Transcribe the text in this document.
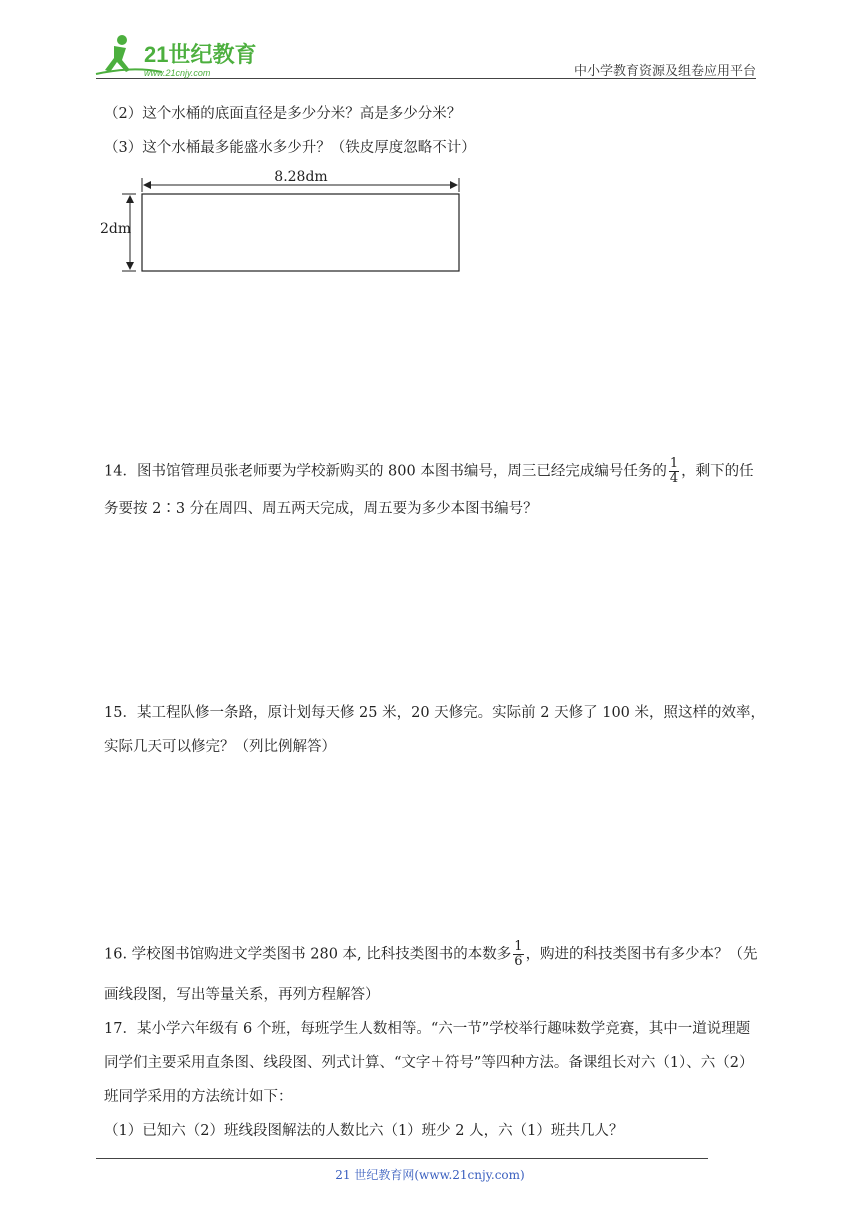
21世纪教育
www.21cnjy.com	中小学教育资源及组卷应用平台
（2）这个水桶的底面直径是多少分米？高是多少分米？
（3）这个水桶最多能盛水多少升？（铁皮厚度忽略不计）
8.28dm
2dm
14．图书馆管理员张老师要为学校新购买的 800 本图书编号，周三已经完成编号任务的 $\frac{1}{4}$ ，剩下的任
务要按 2∶3 分在周四、周五两天完成，周五要为多少本图书编号？
15．某工程队修一条路，原计划每天修 25 米，20 天修完。实际前 2 天修了 100 米，照这样的效率，
实际几天可以修完？（列比例解答）
16. 学校图书馆购进文学类图书 280 本, 比科技类图书的本数多 $\frac{1}{6}$ ，购进的科技类图书有多少本？（先
画线段图，写出等量关系，再列方程解答）
17．某小学六年级有 6 个班，每班学生人数相等。“六一节”学校举行趣味数学竞赛，其中一道说理题
同学们主要采用直条图、线段图、列式计算、“文字＋符号”等四种方法。备课组长对六（1）、六（2）
班同学采用的方法统计如下：
（1）已知六（2）班线段图解法的人数比六（1）班少 2 人，六（1）班共几人？
21 世纪教育网(www.21cnjy.com)
